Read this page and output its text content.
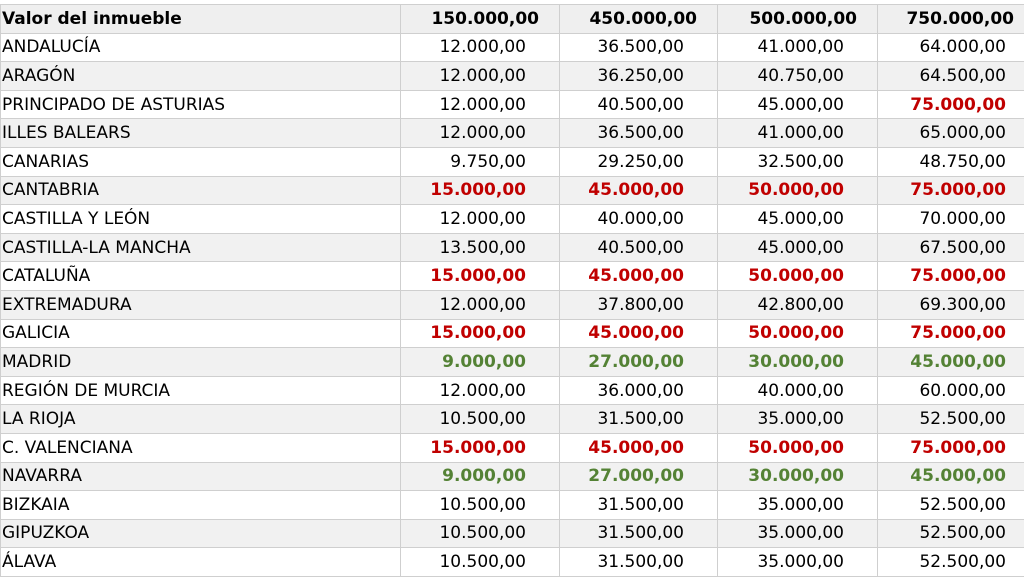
Valor del inmueble	150.000,00	450.000,00	500.000,00	750.000,00
ANDALUCÍA	12.000,00	36.500,00	41.000,00	64.000,00
ARAGÓN	12.000,00	36.250,00	40.750,00	64.500,00
PRINCIPADO DE ASTURIAS	12.000,00	40.500,00	45.000,00	75.000,00
ILLES BALEARS	12.000,00	36.500,00	41.000,00	65.000,00
CANARIAS	9.750,00	29.250,00	32.500,00	48.750,00
CANTABRIA	15.000,00	45.000,00	50.000,00	75.000,00
CASTILLA Y LEÓN	12.000,00	40.000,00	45.000,00	70.000,00
CASTILLA-LA MANCHA	13.500,00	40.500,00	45.000,00	67.500,00
CATALUÑA	15.000,00	45.000,00	50.000,00	75.000,00
EXTREMADURA	12.000,00	37.800,00	42.800,00	69.300,00
GALICIA	15.000,00	45.000,00	50.000,00	75.000,00
MADRID	9.000,00	27.000,00	30.000,00	45.000,00
REGIÓN DE MURCIA	12.000,00	36.000,00	40.000,00	60.000,00
LA RIOJA	10.500,00	31.500,00	35.000,00	52.500,00
C. VALENCIANA	15.000,00	45.000,00	50.000,00	75.000,00
NAVARRA	9.000,00	27.000,00	30.000,00	45.000,00
BIZKAIA	10.500,00	31.500,00	35.000,00	52.500,00
GIPUZKOA	10.500,00	31.500,00	35.000,00	52.500,00
ÁLAVA	10.500,00	31.500,00	35.000,00	52.500,00
